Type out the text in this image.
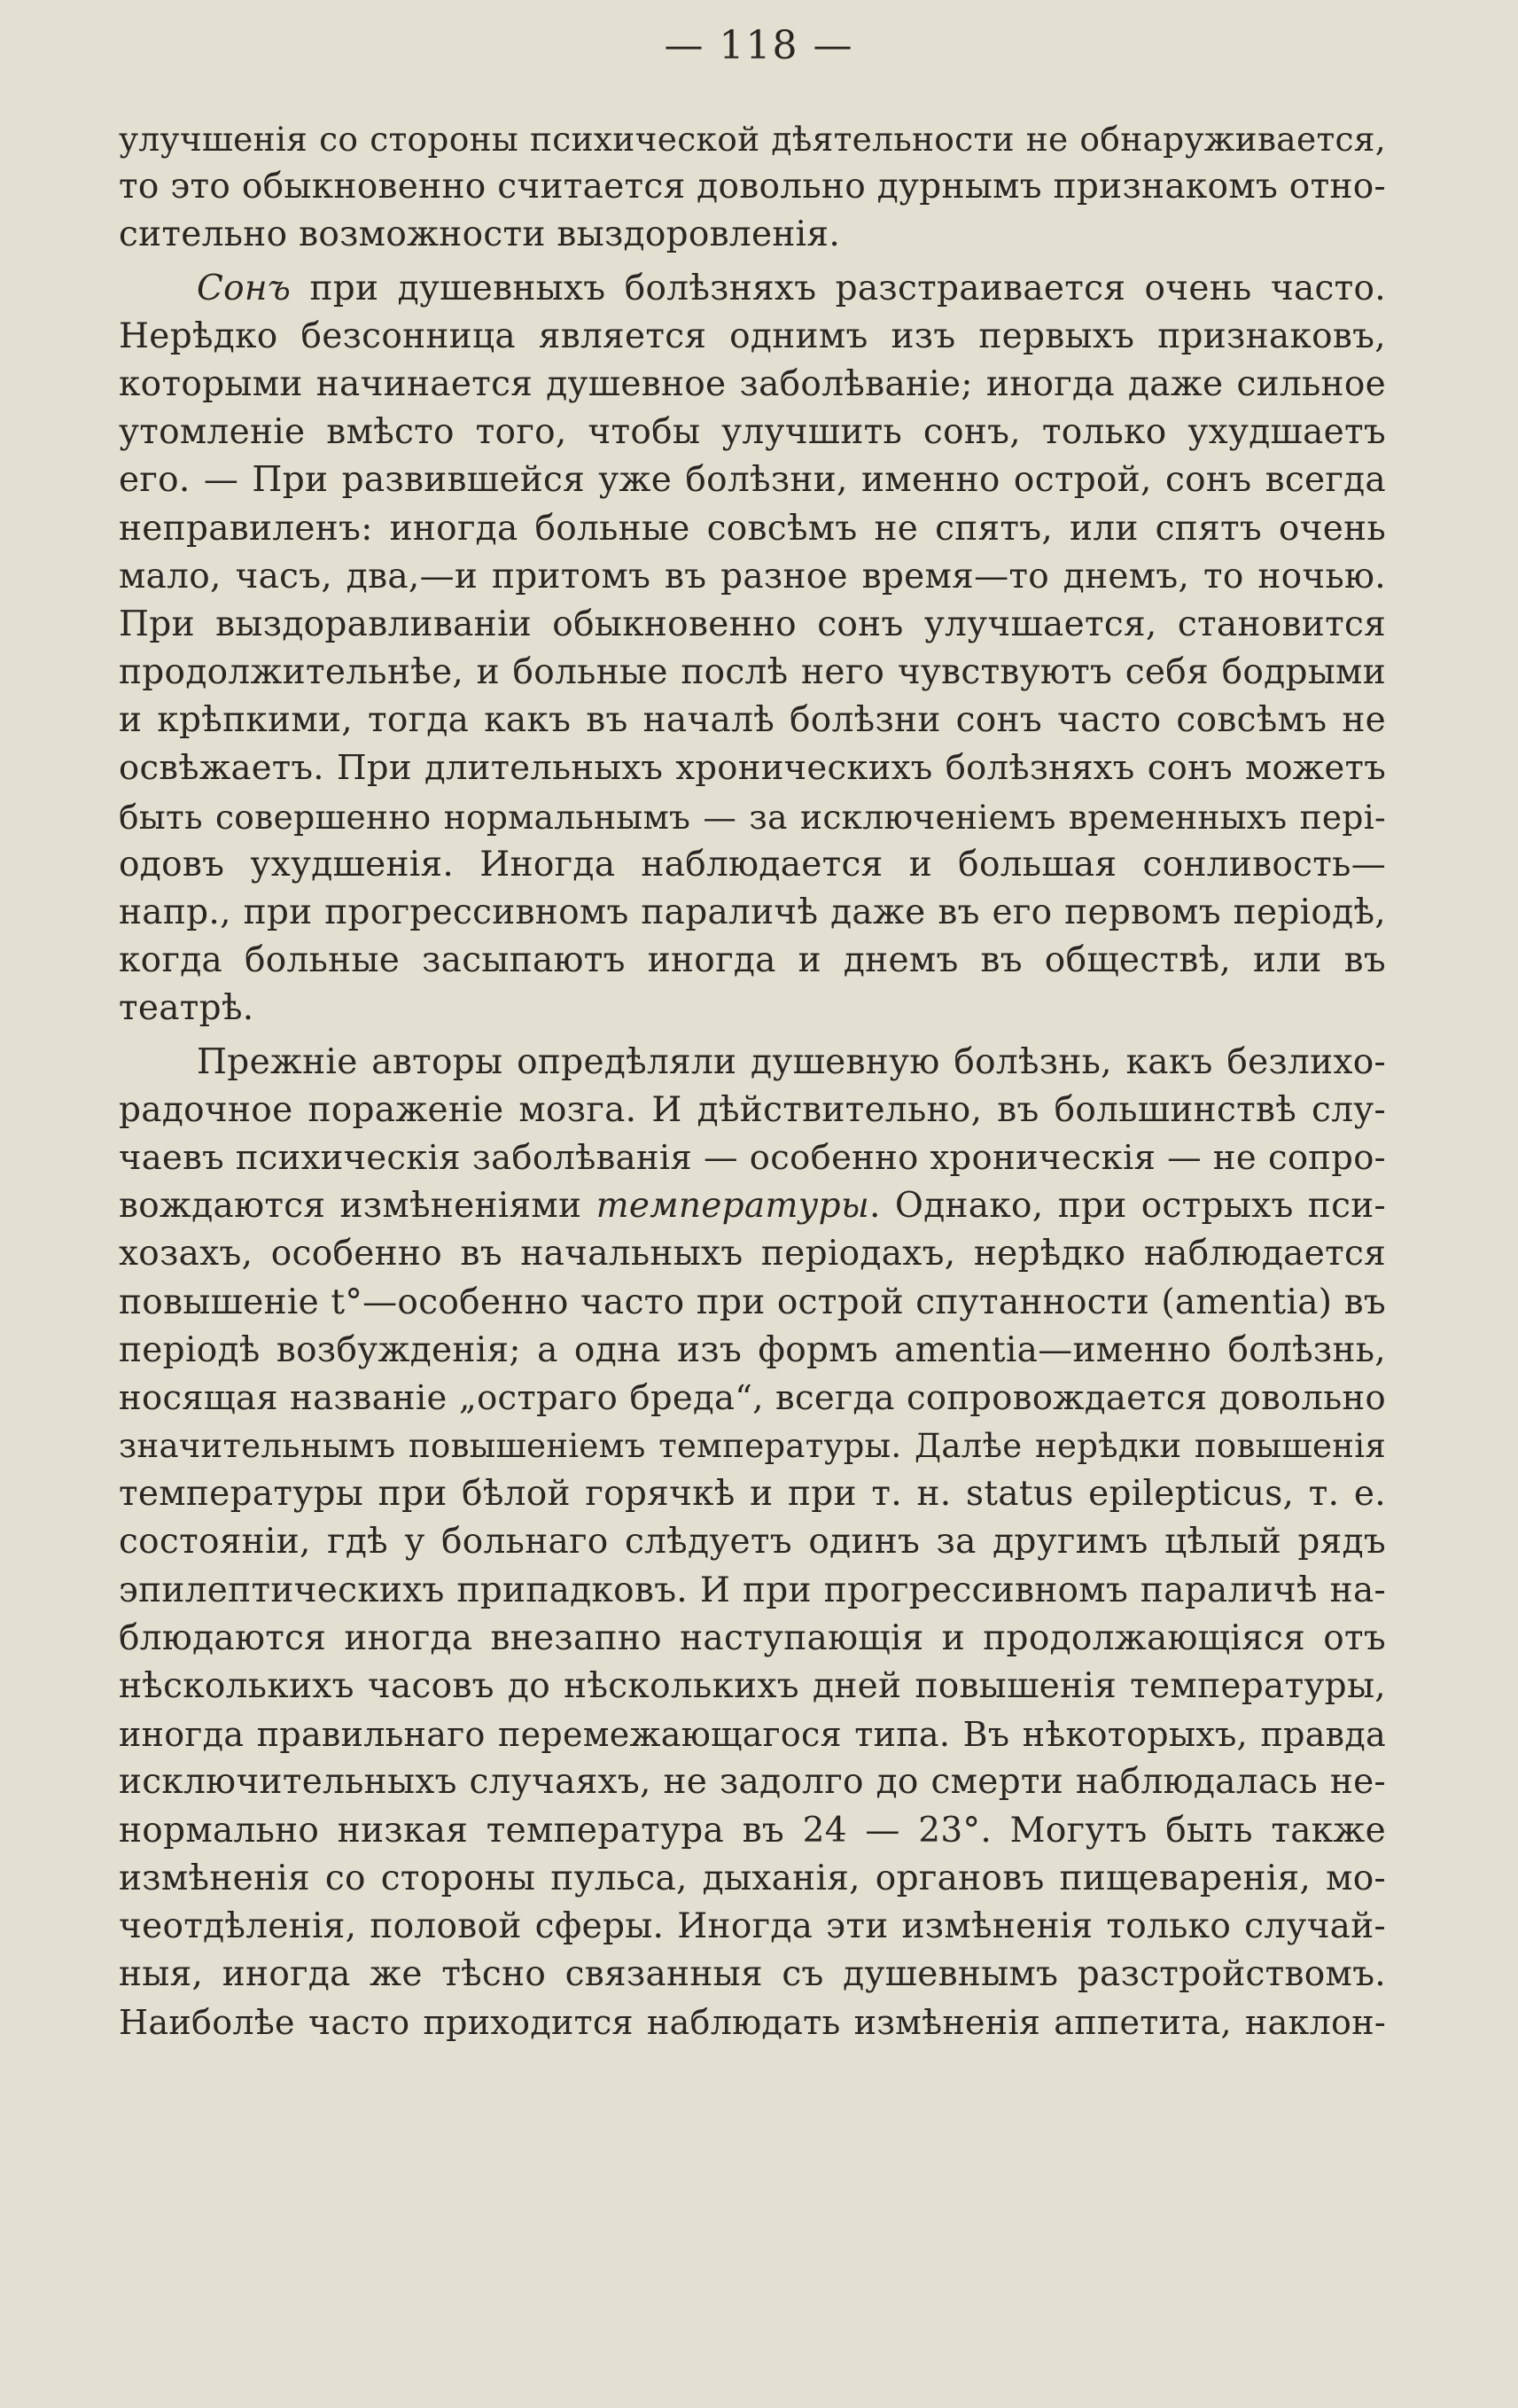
— 118 —
улучшенія со стороны психической дѣятельности не обнаруживается,
то это обыкновенно считается довольно дурнымъ признакомъ отно-
сительно возможности выздоровленія.
Сонъ при душевныхъ болѣзняхъ разстраивается очень часто.
Нерѣдко безсонница является однимъ изъ первыхъ признаковъ,
которыми начинается душевное заболѣваніе; иногда даже сильное
утомленіе вмѣсто того, чтобы улучшить сонъ, только ухудшаетъ
его. — При развившейся уже болѣзни, именно острой, сонъ всегда
неправиленъ: иногда больные совсѣмъ не спятъ, или спятъ очень
мало, часъ, два,—и притомъ въ разное время—то днемъ, то ночью.
При выздоравливаніи обыкновенно сонъ улучшается, становится
продолжительнѣе, и больные послѣ него чувствуютъ себя бодрыми
и крѣпкими, тогда какъ въ началѣ болѣзни сонъ часто совсѣмъ не
освѣжаетъ. При длительныхъ хроническихъ болѣзняхъ сонъ можетъ
быть совершенно нормальнымъ — за исключеніемъ временныхъ пері-
одовъ ухудшенія. Иногда наблюдается и большая сонливость—
напр., при прогрессивномъ параличѣ даже въ его первомъ періодѣ,
когда больные засыпаютъ иногда и днемъ въ обществѣ, или въ
театрѣ.
Прежніе авторы опредѣляли душевную болѣзнь, какъ безлихо-
радочное пораженіе мозга. И дѣйствительно, въ большинствѣ слу-
чаевъ психическія заболѣванія — особенно хроническія — не сопро-
вождаются измѣненіями температуры. Однако, при острыхъ пси-
хозахъ, особенно въ начальныхъ періодахъ, нерѣдко наблюдается
повышеніе t°—особенно часто при острой спутанности (amentia) въ
періодѣ возбужденія; а одна изъ формъ amentia—именно болѣзнь,
носящая названіе „остраго бреда“, всегда сопровождается довольно
значительнымъ повышеніемъ температуры. Далѣе нерѣдки повышенія
температуры при бѣлой горячкѣ и при т. н. status epilepticus, т. е.
состояніи, гдѣ у больнаго слѣдуетъ одинъ за другимъ цѣлый рядъ
эпилептическихъ припадковъ. И при прогрессивномъ параличѣ на-
блюдаются иногда внезапно наступающія и продолжающіяся отъ
нѣсколькихъ часовъ до нѣсколькихъ дней повышенія температуры,
иногда правильнаго перемежающагося типа. Въ нѣкоторыхъ, правда
исключительныхъ случаяхъ, не задолго до смерти наблюдалась не-
нормально низкая температура въ 24 — 23°. Могутъ быть также
измѣненія со стороны пульса, дыханія, органовъ пищеваренія, мо-
чеотдѣленія, половой сферы. Иногда эти измѣненія только случай-
ныя, иногда же тѣсно связанныя съ душевнымъ разстройствомъ.
Наиболѣе часто приходится наблюдать измѣненія аппетита, наклон-
